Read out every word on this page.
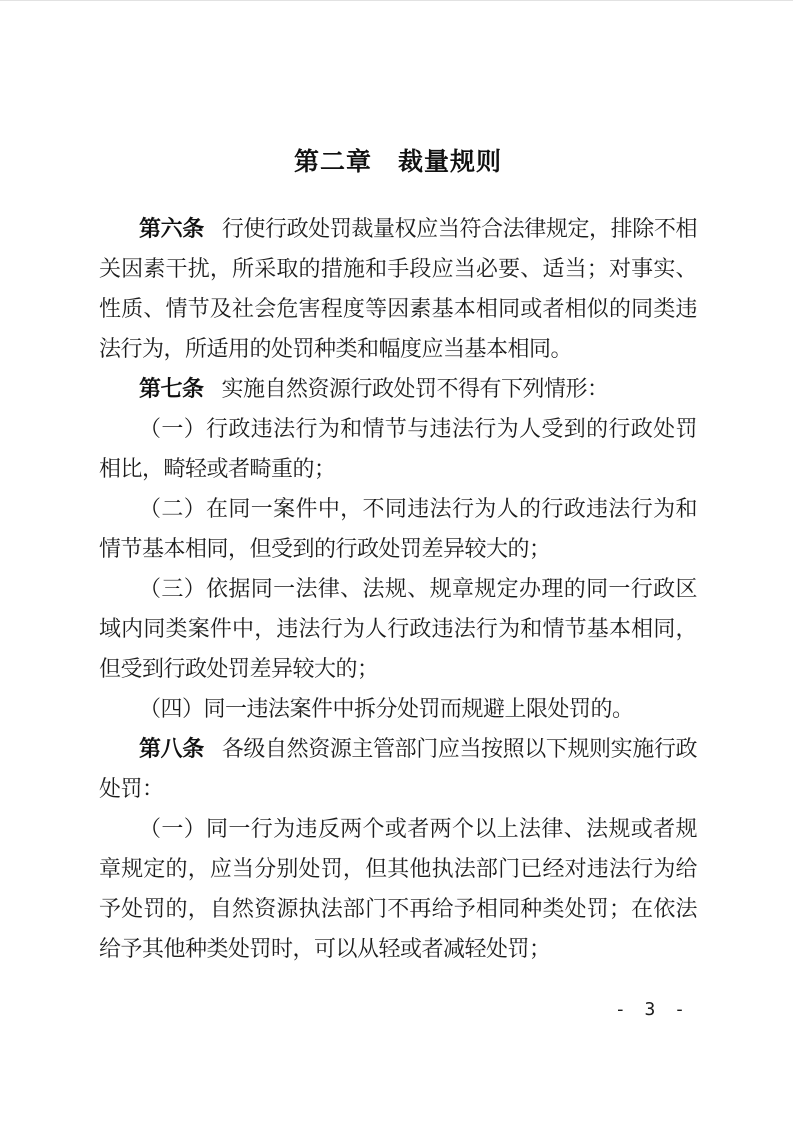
第二章　裁量规则

第六条 行使行政处罚裁量权应当符合法律规定，排除不相关因素干扰，所采取的措施和手段应当必要、适当；对事实、性质、情节及社会危害程度等因素基本相同或者相似的同类违法行为，所适用的处罚种类和幅度应当基本相同。

第七条 实施自然资源行政处罚不得有下列情形：

（一）行政违法行为和情节与违法行为人受到的行政处罚相比，畸轻或者畸重的；

（二）在同一案件中，不同违法行为人的行政违法行为和情节基本相同，但受到的行政处罚差异较大的；

（三）依据同一法律、法规、规章规定办理的同一行政区域内同类案件中，违法行为人行政违法行为和情节基本相同，但受到行政处罚差异较大的；

（四）同一违法案件中拆分处罚而规避上限处罚的。

第八条 各级自然资源主管部门应当按照以下规则实施行政处罚：

（一）同一行为违反两个或者两个以上法律、法规或者规章规定的，应当分别处罚，但其他执法部门已经对违法行为给予处罚的，自然资源执法部门不再给予相同种类处罚；在依法给予其他种类处罚时，可以从轻或者减轻处罚；

- 3 -
